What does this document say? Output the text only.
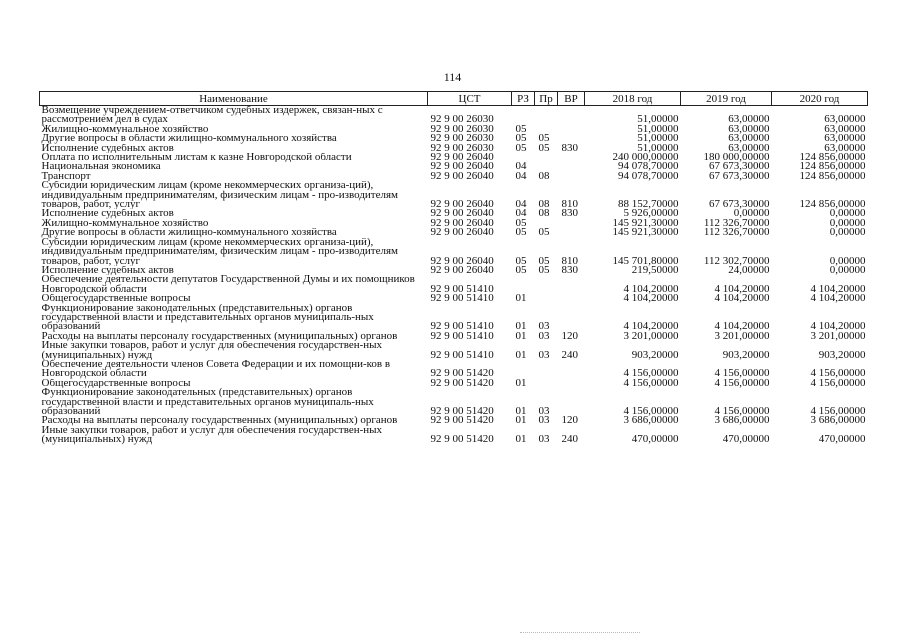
114
Наименование	ЦСТ	РЗ	Пр	ВР	2018 год	2019 год	2020 год
Возмещение учреждением-ответчиком судебных издержек, связан-ных с рассмотрением дел в судах	92 9 00 26030				51,00000	63,00000	63,00000
Жилищно-коммунальное хозяйство	92 9 00 26030	05			51,00000	63,00000	63,00000
Другие вопросы в области жилищно-коммунального хозяйства	92 9 00 26030	05	05		51,00000	63,00000	63,00000
Исполнение судебных актов	92 9 00 26030	05	05	830	51,00000	63,00000	63,00000
Оплата по исполнительным листам к казне Новгородской области	92 9 00 26040				240 000,00000	180 000,00000	124 856,00000
Национальная экономика	92 9 00 26040	04			94 078,70000	67 673,30000	124 856,00000
Транспорт	92 9 00 26040	04	08		94 078,70000	67 673,30000	124 856,00000
Субсидии юридическим лицам (кроме некоммерческих организа-ций), индивидуальным предпринимателям, физическим лицам - про-изводителям товаров, работ, услуг	92 9 00 26040	04	08	810	88 152,70000	67 673,30000	124 856,00000
Исполнение судебных актов	92 9 00 26040	04	08	830	5 926,00000	0,00000	0,00000
Жилищно-коммунальное хозяйство	92 9 00 26040	05			145 921,30000	112 326,70000	0,00000
Другие вопросы в области жилищно-коммунального хозяйства	92 9 00 26040	05	05		145 921,30000	112 326,70000	0,00000
Субсидии юридическим лицам (кроме некоммерческих организа-ций), индивидуальным предпринимателям, физическим лицам - про-изводителям товаров, работ, услуг	92 9 00 26040	05	05	810	145 701,80000	112 302,70000	0,00000
Исполнение судебных актов	92 9 00 26040	05	05	830	219,50000	24,00000	0,00000
Обеспечение деятельности депутатов Государственной Думы и их помощников Новгородской области	92 9 00 51410				4 104,20000	4 104,20000	4 104,20000
Общегосударственные вопросы	92 9 00 51410	01			4 104,20000	4 104,20000	4 104,20000
Функционирование законодательных (представительных) органов государственной власти и представительных органов муниципаль-ных образований	92 9 00 51410	01	03		4 104,20000	4 104,20000	4 104,20000
Расходы на выплаты персоналу государственных (муниципальных) органов	92 9 00 51410	01	03	120	3 201,00000	3 201,00000	3 201,00000
Иные закупки товаров, работ и услуг для обеспечения государствен-ных (муниципальных) нужд	92 9 00 51410	01	03	240	903,20000	903,20000	903,20000
Обеспечение деятельности членов Совета Федерации и их помощни-ков в Новгородской области	92 9 00 51420				4 156,00000	4 156,00000	4 156,00000
Общегосударственные вопросы	92 9 00 51420	01			4 156,00000	4 156,00000	4 156,00000
Функционирование законодательных (представительных) органов государственной власти и представительных органов муниципаль-ных образований	92 9 00 51420	01	03		4 156,00000	4 156,00000	4 156,00000
Расходы на выплаты персоналу государственных (муниципальных) органов	92 9 00 51420	01	03	120	3 686,00000	3 686,00000	3 686,00000
Иные закупки товаров, работ и услуг для обеспечения государствен-ных (муниципальных) нужд	92 9 00 51420	01	03	240	470,00000	470,00000	470,00000
